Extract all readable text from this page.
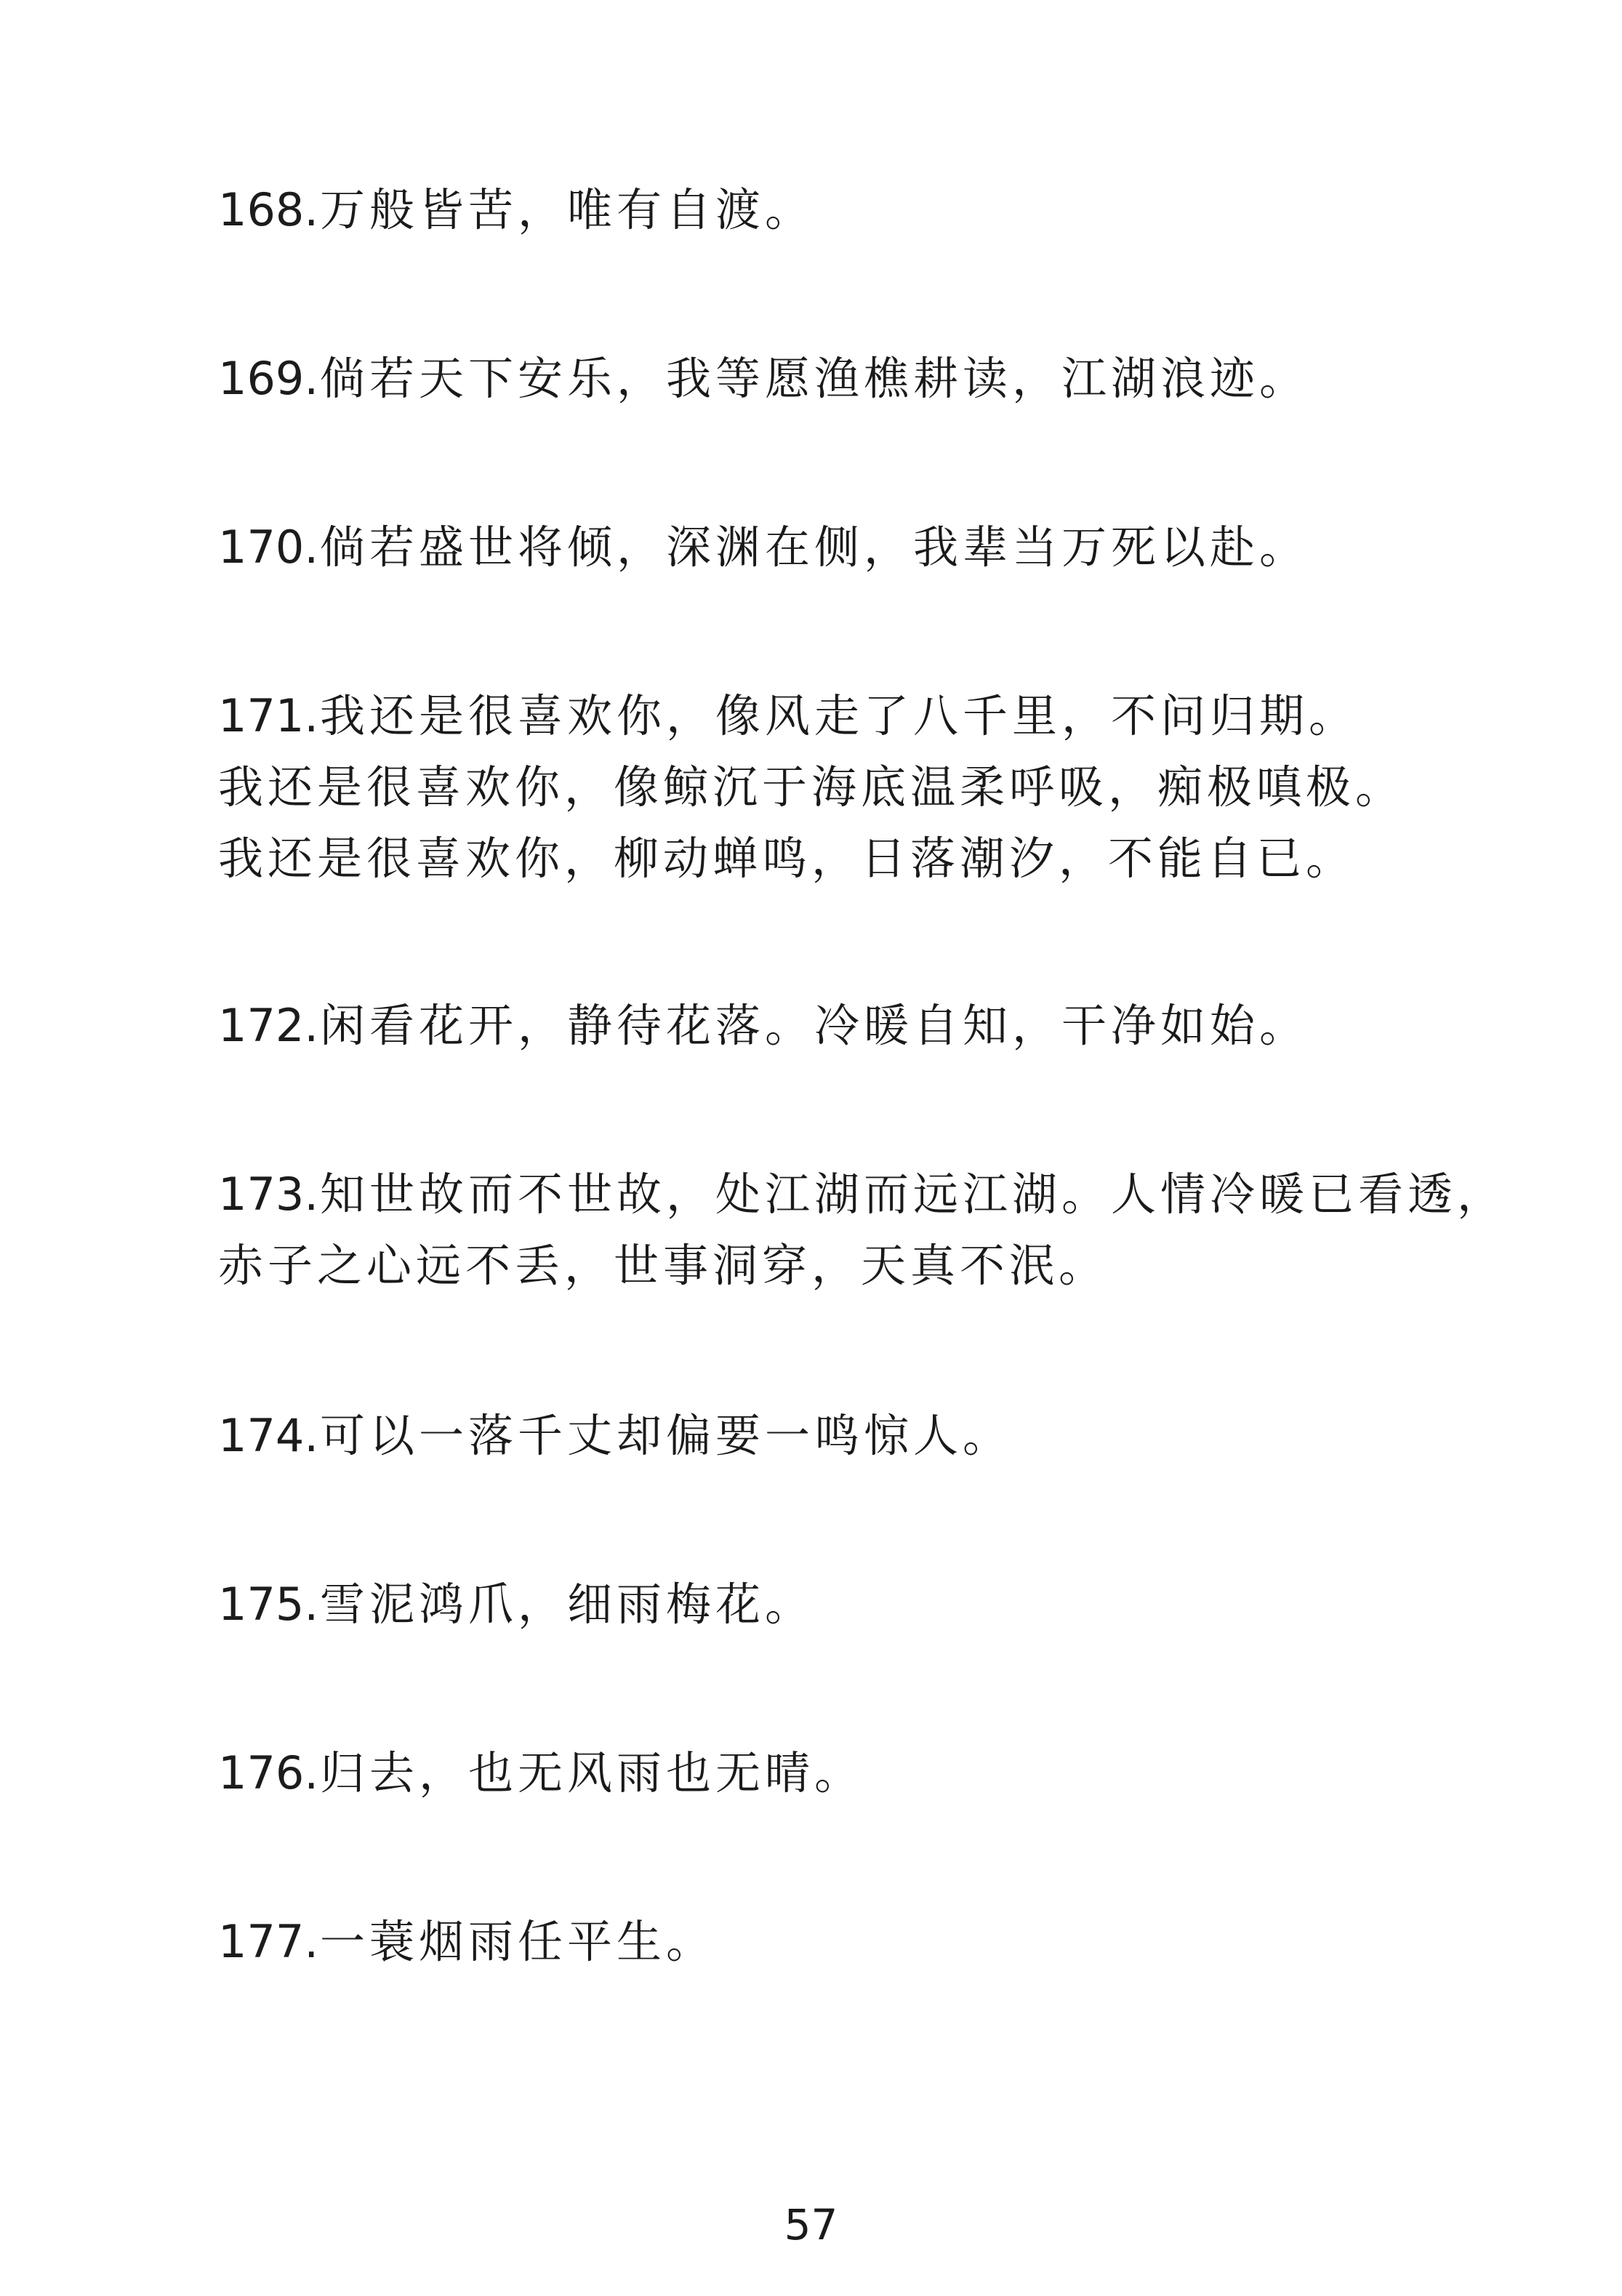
168.万般皆苦，唯有自渡。
169.倘若天下安乐，我等愿渔樵耕读，江湖浪迹。
170.倘若盛世将倾，深渊在侧，我辈当万死以赴。
171.我还是很喜欢你，像风走了八千里，不问归期。
我还是很喜欢你，像鲸沉于海底温柔呼吸，痴极嗔极。
我还是很喜欢你，柳动蝉鸣，日落潮汐，不能自已。
172.闲看花开，静待花落。冷暖自知，干净如始。
173.知世故而不世故，处江湖而远江湖。人情冷暖已看透，
赤子之心远不丢，世事洞穿，天真不泯。
174.可以一落千丈却偏要一鸣惊人。
175.雪泥鸿爪，细雨梅花。
176.归去，也无风雨也无晴。
177.一蓑烟雨任平生。
57
